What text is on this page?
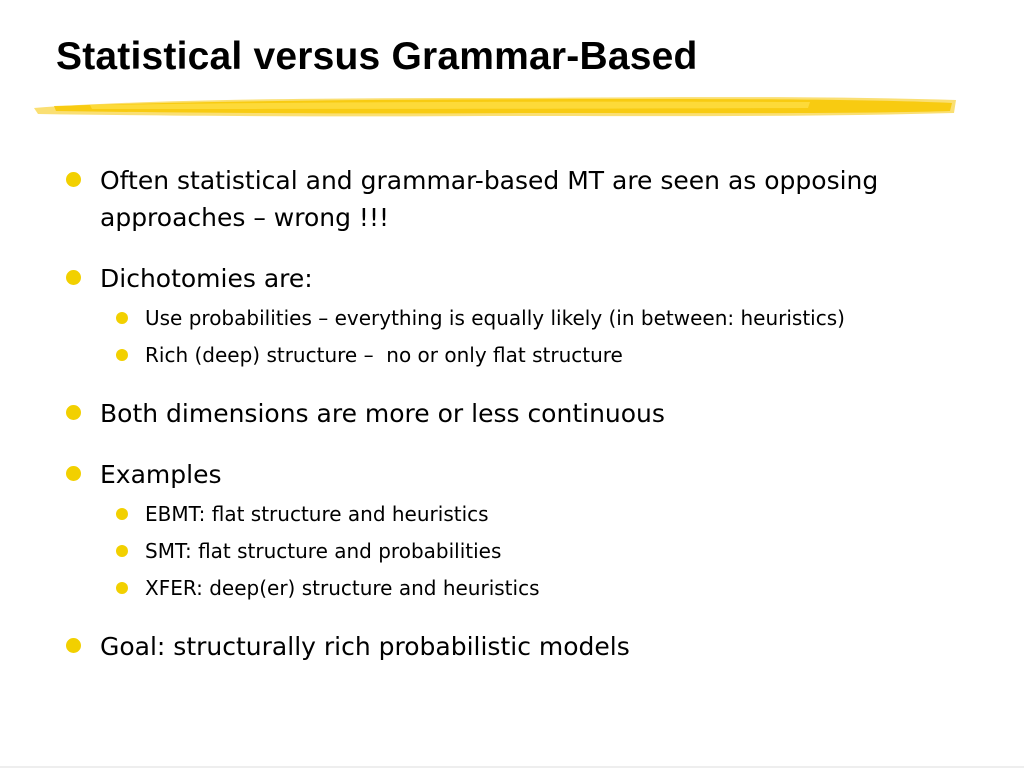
Statistical versus Grammar-Based
Often statistical and grammar-based MT are seen as opposing approaches – wrong !!!
Dichotomies are:
Use probabilities – everything is equally likely (in between: heuristics)
Rich (deep) structure –  no or only flat structure
Both dimensions are more or less continuous
Examples
EBMT: flat structure and heuristics
SMT: flat structure and probabilities
XFER: deep(er) structure and heuristics
Goal: structurally rich probabilistic models
